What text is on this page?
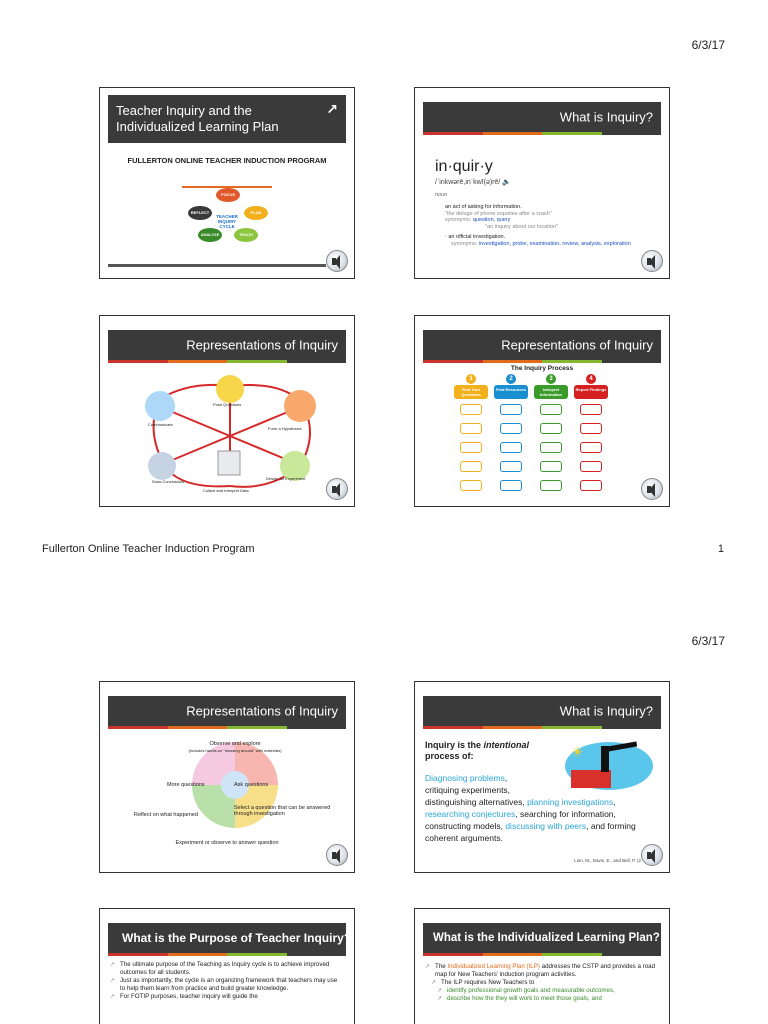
6/3/17
Teacher Inquiry and the
Individualized Learning Plan
↗
FULLERTON ONLINE TEACHER INDUCTION PROGRAM
TEACHER INQUIRY CYCLE
FOCUS
PLAN
TEACH
ANALYZE
REFLECT
What is Inquiry?
in·quir·y
/ˈinkwərē,inˈkwī(ə)rē/ 🔈
noun
an act of asking for information.
"the deluge of phone inquiries after a crash"
synonyms: question, query
"an inquiry about our location"
· an official investigation.
synonyms: investigation, probe, examination, review, analysis, exploration
Representations of Inquiry
Pose Questions
Communicate
Form a Hypothesis
Draw Conclusions
Design an Experiment
Collect and Interpret Data
Representations of Inquiry
The Inquiry Process
1
Find Your Questions
2
Find Resources
3
Interpret Information
4
Report Findings
Fullerton Online Teacher Induction Program	1
6/3/17
Representations of Inquiry
Observe and explore
(includes hands-on "messing around" with materials)
More questions	Ask questions
Reflect on what happened
Select a question that can be answered through investigation
Experiment or observe to answer question
What is Inquiry?
Inquiry is the intentional
process of:	☀
Diagnosing problems,
critiquing experiments,
distinguishing alternatives, planning investigations, researching conjectures, searching for information, constructing models, discussing with peers, and forming coherent arguments.
Linn, M., Davis, E., and Bell, P. (2
What is the Purpose of Teacher Inquiry?
↗ The ultimate purpose of the Teaching as Inquiry cycle is to achieve improved outcomes for all students.
↗ Just as importantly, the cycle is an organizing framework that teachers may use to help them learn from practice and build greater knowledge.
↗ For FOTIP purposes, teacher inquiry will guide the
What is the Individualized Learning Plan?
↗ The Individualized Learning Plan (ILP) addresses the CSTP and provides a road map for New Teachers' induction program activities.
↗ The ILP requires New Teachers to
↗ identify professional growth goals and measurable outcomes,
↗ describe how the they will work to meet those goals, and
